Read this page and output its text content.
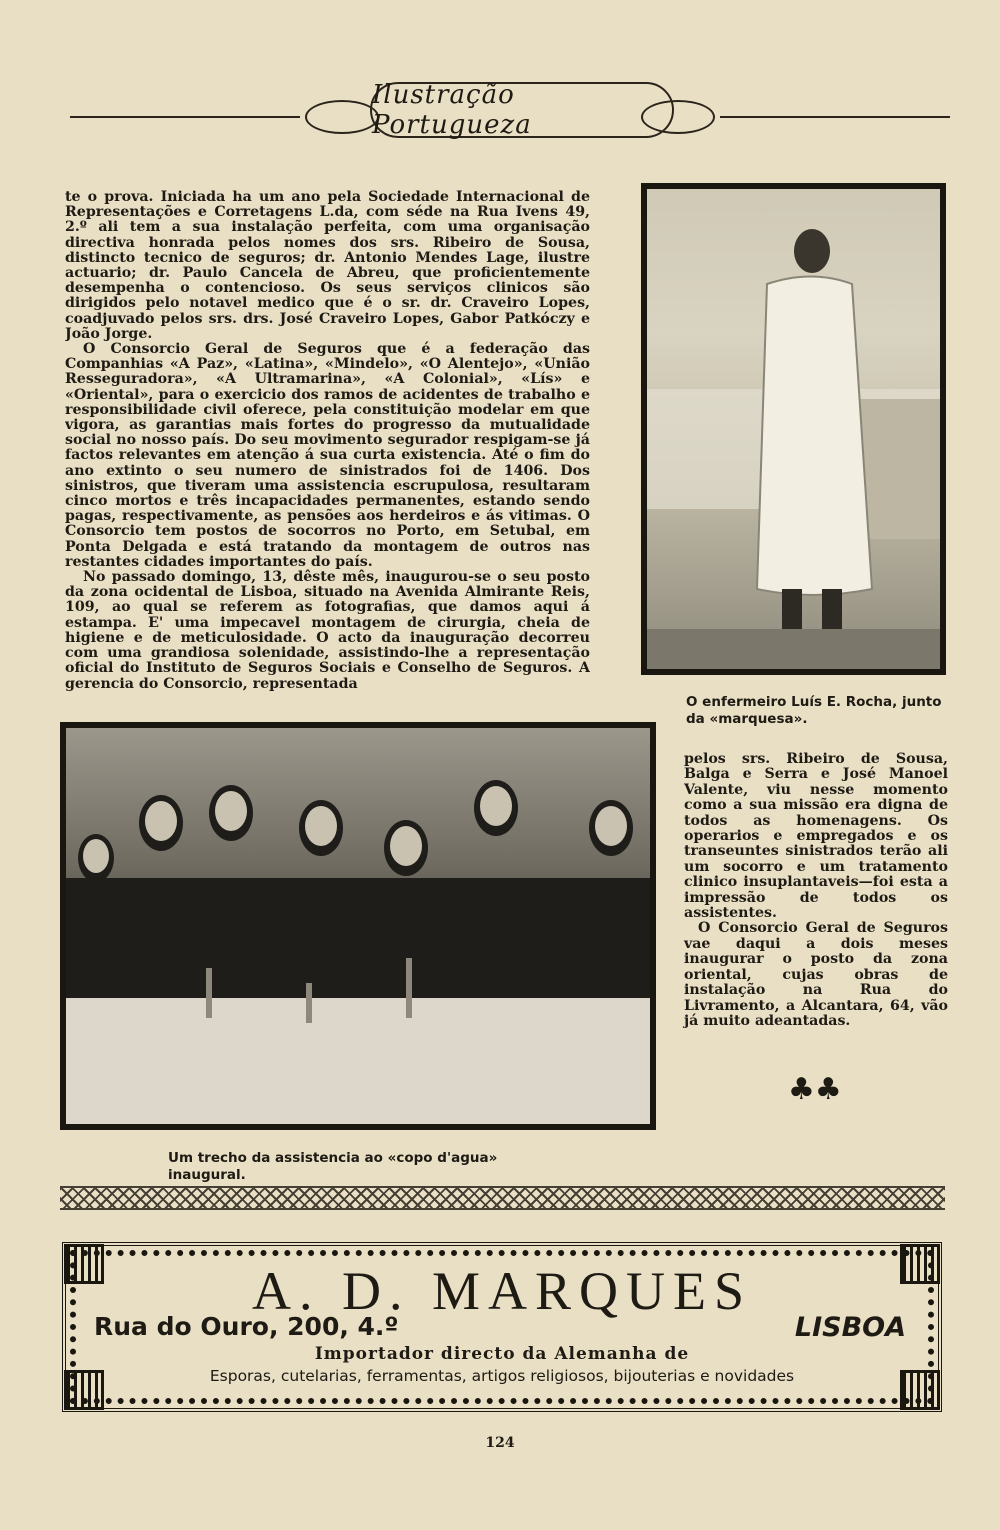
Ilustração Portugueza

te o prova. Iniciada ha um ano pela Sociedade Internacional de Representações e Corretagens L.da, com séde na Rua Ivens 49, 2.º ali tem a sua instalação perfeita, com uma organisação directiva honrada pelos nomes dos srs. Ribeiro de Sousa, distincto tecnico de seguros; dr. Antonio Mendes Lage, ilustre actuario; dr. Paulo Cancela de Abreu, que proficientemente desempenha o contencioso. Os seus serviços clinicos são dirigidos pelo notavel medico que é o sr. dr. Craveiro Lopes, coadjuvado pelos srs. drs. José Craveiro Lopes, Gabor Patkóczy e João Jorge.

O Consorcio Geral de Seguros que é a federação das Companhias «A Paz», «Latina», «Mindelo», «O Alentejo», «União Resseguradora», «A Ultramarina», «A Colonial», «Lís» e «Oriental», para o exercicio dos ramos de acidentes de trabalho e responsibilidade civil oferece, pela constituição modelar em que vigora, as garantias mais fortes do progresso da mutualidade social no nosso país. Do seu movimento segurador respigam-se já factos relevantes em atenção á sua curta existencia. Até o fim do ano extinto o seu numero de sinistrados foi de 1406. Dos sinistros, que tiveram uma assistencia escrupulosa, resultaram cinco mortos e três incapacidades permanentes, estando sendo pagas, respectivamente, as pensões aos herdeiros e ás vitimas. O Consorcio tem postos de socorros no Porto, em Setubal, em Ponta Delgada e está tratando da montagem de outros nas restantes cidades importantes do país.

No passado domingo, 13, dêste mês, inaugurou-se o seu posto da zona ocidental de Lisboa, situado na Avenida Almirante Reis, 109, ao qual se referem as fotografias, que damos aqui á estampa. E' uma impecavel montagem de cirurgia, cheia de higiene e de meticulosidade. O acto da inauguração decorreu com uma grandiosa solenidade, assistindo-lhe a representação oficial do Instituto de Seguros Sociais e Conselho de Seguros. A gerencia do Consorcio, representada

O enfermeiro Luís E. Rocha, junto da «marquesa».
Um trecho da assistencia ao «copo d'agua» inaugural.

pelos srs. Ribeiro de Sousa, Balga e Serra e José Manoel Valente, viu nesse momento como a sua missão era digna de todos as homenagens. Os operarios e empregados e os transeuntes sinistrados terão ali um socorro e um tratamento clinico insuplantaveis—foi esta a impressão de todos os assistentes.

O Consorcio Geral de Seguros vae daqui a dois meses inaugurar o posto da zona oriental, cujas obras de instalação na Rua do Livramento, a Alcantara, 64, vão já muito adeantadas.

♣♣
A. D. MARQUES
Rua do Ouro, 200, 4.º	LISBOA
Importador directo da Alemanha de
Esporas, cutelarias, ferramentas, artigos religiosos, bijouterias e novidades
124
